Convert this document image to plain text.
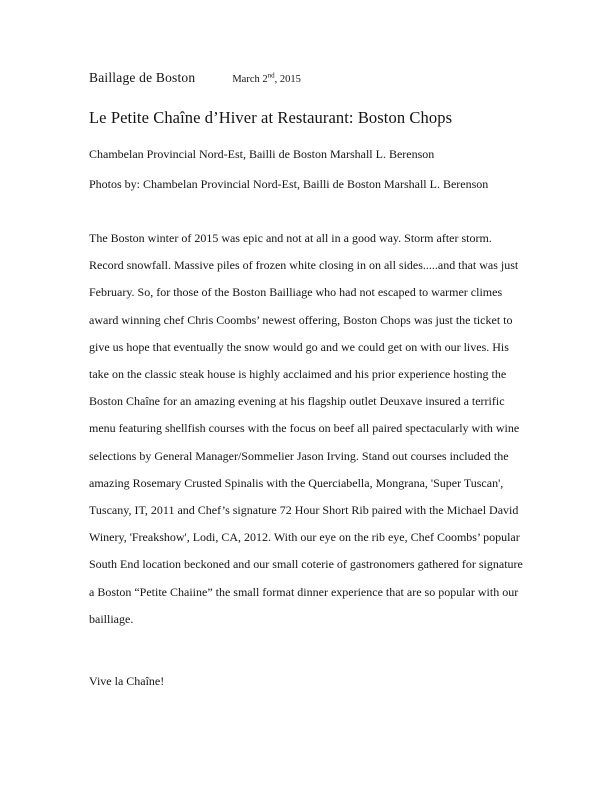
Baillage de Boston	March 2nd, 2015
Le Petite Chaîne d’Hiver at Restaurant: Boston Chops
Chambelan Provincial Nord-Est, Bailli de Boston Marshall L. Berenson
Photos by: Chambelan Provincial Nord-Est, Bailli de Boston Marshall L. Berenson
The Boston winter of 2015 was epic and not at all in a good way. Storm after storm. Record snowfall. Massive piles of frozen white closing in on all sides.....and that was just February. So, for those of the Boston Bailliage who had not escaped to warmer climes award winning chef Chris Coombs’ newest offering, Boston Chops was just the ticket to give us hope that eventually the snow would go and we could get on with our lives. His take on the classic steak house is highly acclaimed and his prior experience hosting the Boston Chaîne for an amazing evening at his flagship outlet Deuxave insured a terrific menu featuring shellfish courses with the focus on beef all paired spectacularly with wine selections by General Manager/Sommelier Jason Irving. Stand out courses included the amazing Rosemary Crusted Spinalis with the Querciabella, Mongrana, 'Super Tuscan', Tuscany, IT, 2011 and Chef’s signature 72 Hour Short Rib paired with the Michael David Winery, 'Freakshow', Lodi, CA, 2012. With our eye on the rib eye, Chef Coombs’ popular South End location beckoned and our small coterie of gastronomers gathered for signature a Boston “Petite Chaiine” the small format dinner experience that are so popular with our bailliage.
Vive la Chaîne!
